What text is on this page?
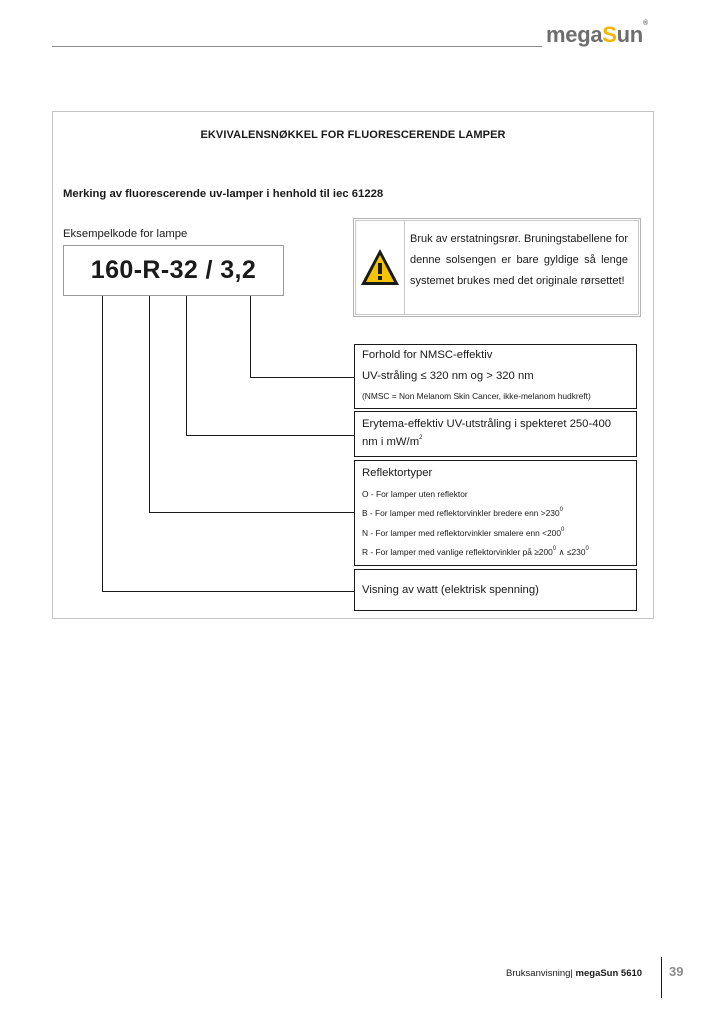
megaSun®
EKVIVALENSNØKKEL FOR FLUORESCERENDE LAMPER
Merking av fluorescerende uv-lamper i henhold til iec 61228
Eksempelkode for lampe
160-R-32 / 3,2
Bruk av erstatningsrør. Bruningstabellene for denne solsengen er bare gyldige så lenge systemet brukes med det originale rørsettet!
Forhold for NMSC-effektiv
UV-stråling ≤ 320 nm og > 320 nm
(NMSC = Non Melanom Skin Cancer, ikke-melanom hudkreft)
Erytema-effektiv UV-utstråling i spekteret 250-400
nm i $mW/m^2$
Reflektortyper
O - For lamper uten reflektor
B - For lamper med reflektorvinkler bredere enn $>230^0$
N - For lamper med reflektorvinkler smalere enn $<200^0$
R - For lamper med vanlige reflektorvinkler på $\ge 200^0$ ∧ $\le 230^0$
Visning av watt (elektrisk spenning)
Bruksanvisning| megaSun 5610 39
